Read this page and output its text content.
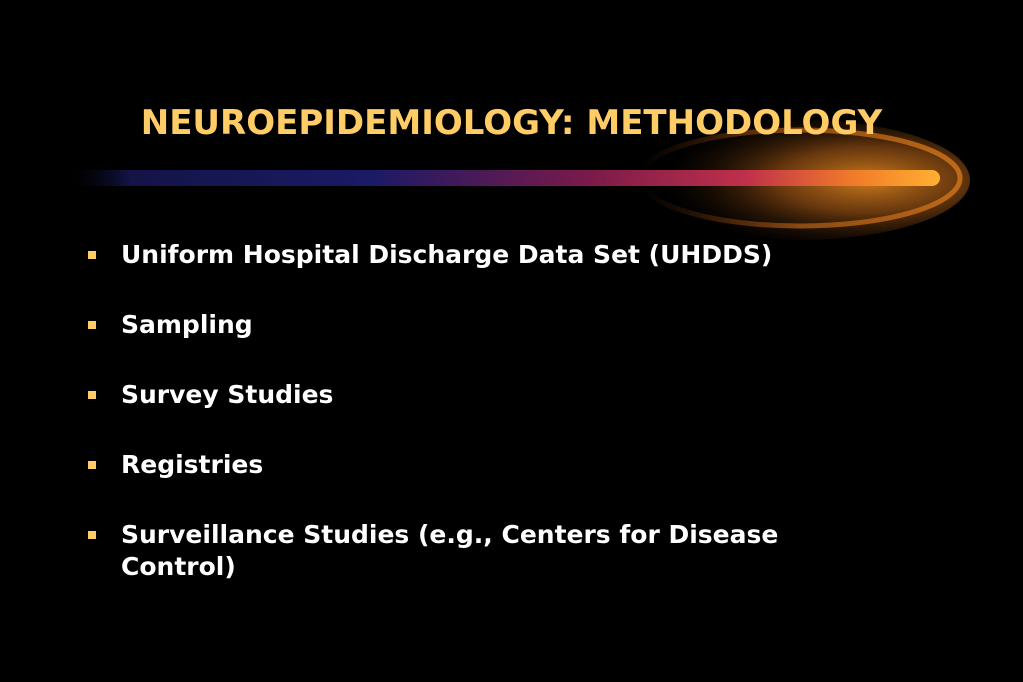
NEUROEPIDEMIOLOGY: METHODOLOGY
Uniform Hospital Discharge Data Set (UHDDS)
Sampling
Survey Studies
Registries
Surveillance Studies (e.g., Centers for Disease Control)
